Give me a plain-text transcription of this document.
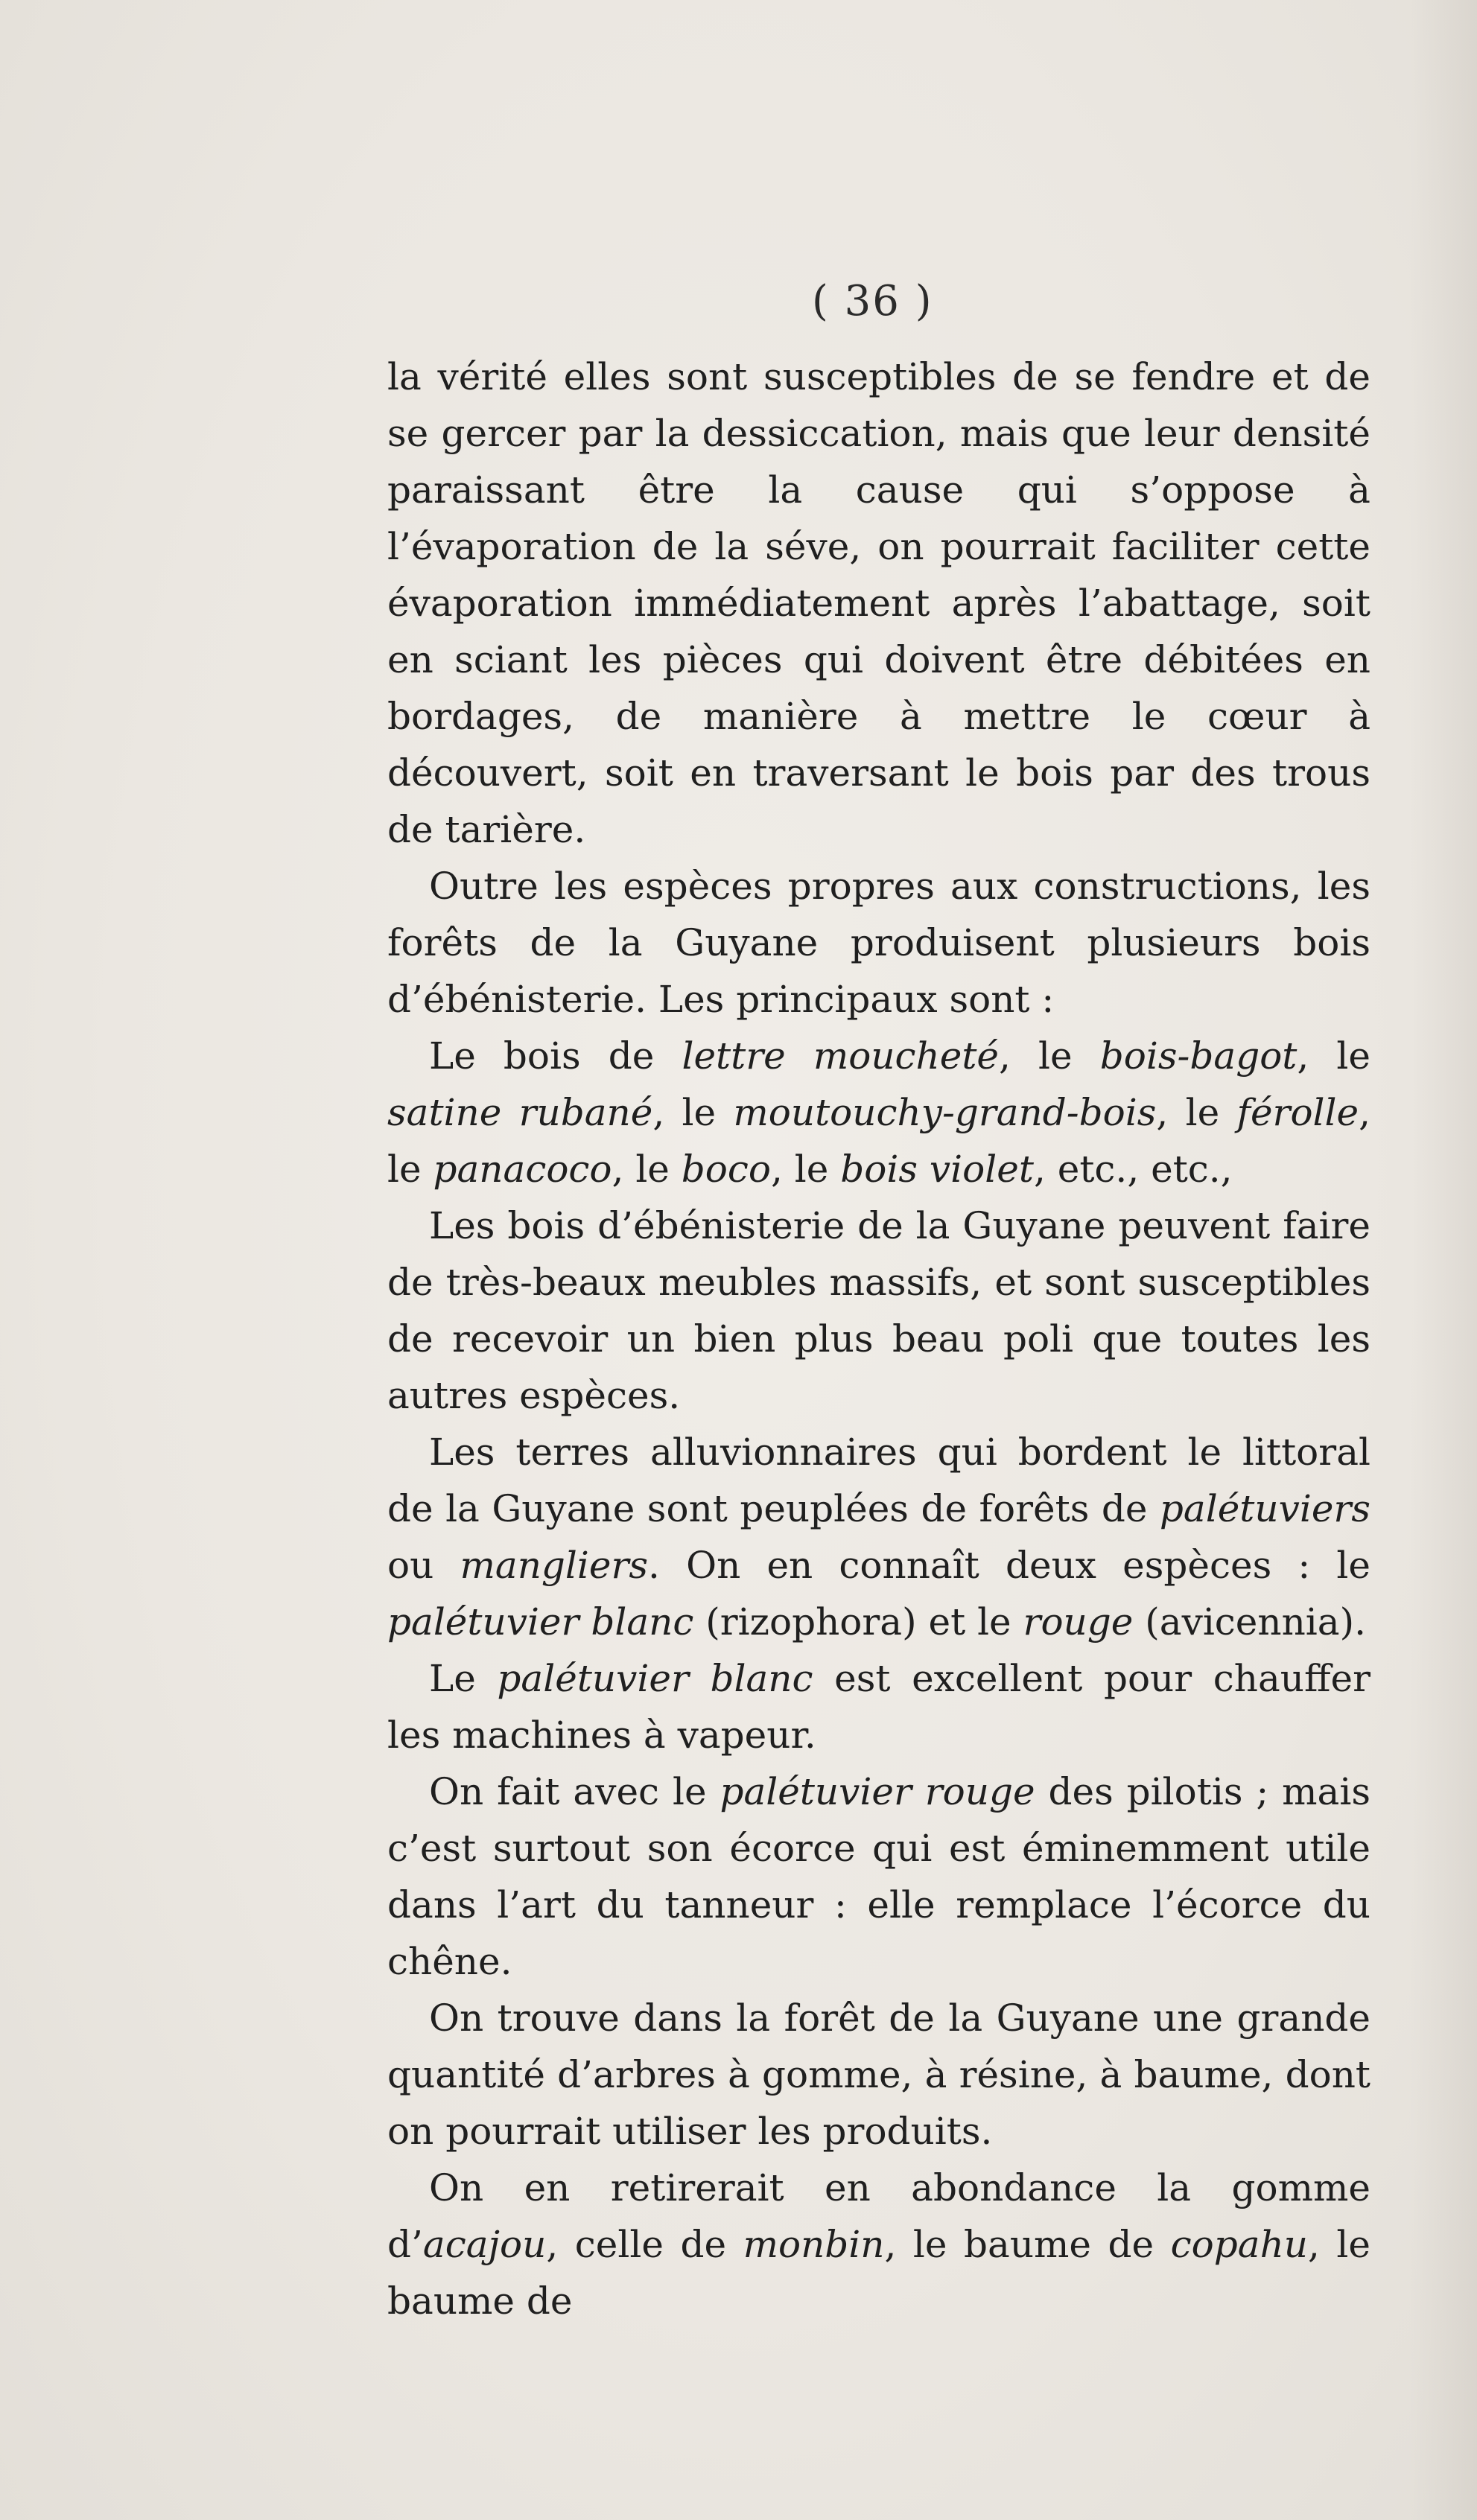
( 36 )

la vérité elles sont susceptibles de se fendre et de se gercer par la dessiccation, mais que leur densité paraissant être la cause qui s’oppose à l’évaporation de la séve, on pourrait faciliter cette évaporation immédiatement après l’abattage, soit en sciant les pièces qui doivent être débitées en bordages, de manière à mettre le cœur à découvert, soit en traversant le bois par des trous de tarière.

Outre les espèces propres aux constructions, les forêts de la Guyane produisent plusieurs bois d’ébénisterie. Les principaux sont :

Le bois de lettre moucheté, le bois-bagot, le satine rubané, le moutouchy-grand-bois, le férolle, le panacoco, le boco, le bois violet, etc., etc.,

Les bois d’ébénisterie de la Guyane peuvent faire de très-beaux meubles massifs, et sont susceptibles de recevoir un bien plus beau poli que toutes les autres espèces.

Les terres alluvionnaires qui bordent le littoral de la Guyane sont peuplées de forêts de palétuviers ou mangliers. On en connaît deux espèces : le palétuvier blanc (rizophora) et le rouge (avicennia).

Le palétuvier blanc est excellent pour chauffer les machines à vapeur.

On fait avec le palétuvier rouge des pilotis ; mais c’est surtout son écorce qui est éminemment utile dans l’art du tanneur : elle remplace l’écorce du chêne.

On trouve dans la forêt de la Guyane une grande quantité d’arbres à gomme, à résine, à baume, dont on pourrait utiliser les produits.

On en retirerait en abondance la gomme d’acajou, celle de monbin, le baume de copahu, le baume de
